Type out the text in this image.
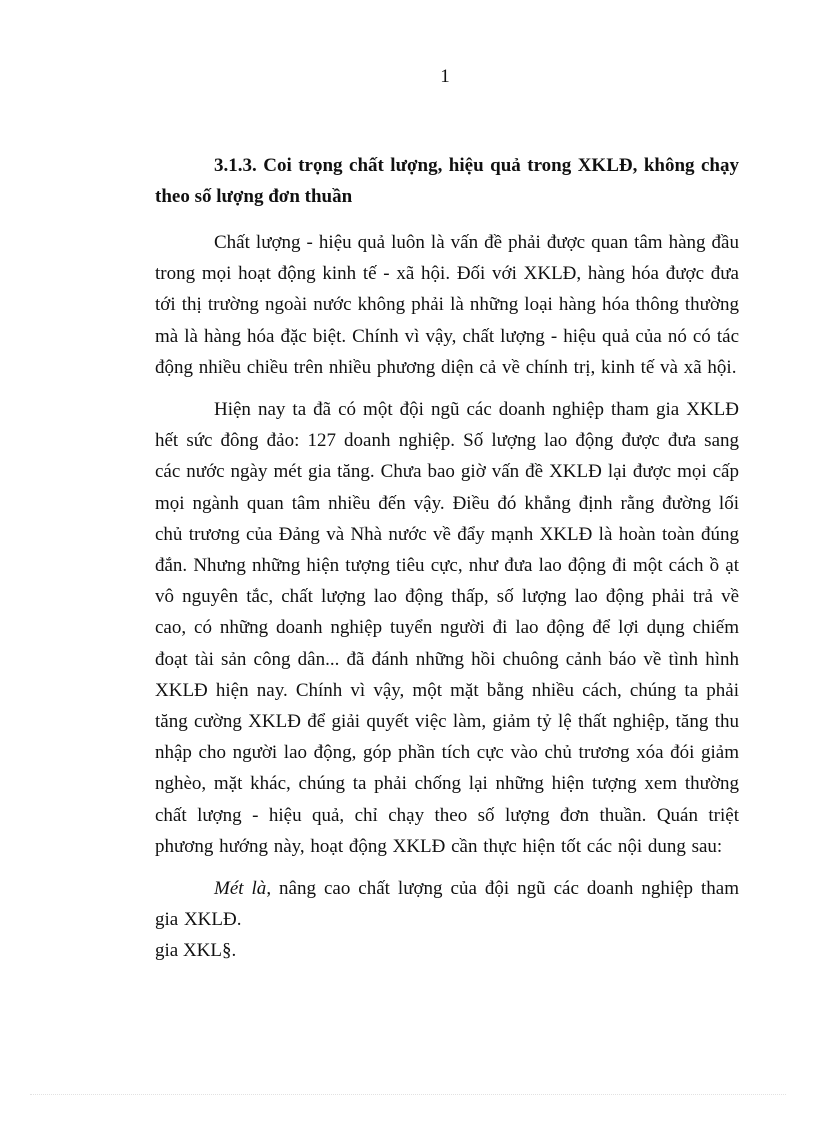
1

3.1.3. Coi trọng chất lượng, hiệu quả trong XKLĐ, không chạy theo số lượng đơn thuần

Chất lượng - hiệu quả luôn là vấn đề phải được quan tâm hàng đầu trong mọi hoạt động kinh tế - xã hội. Đối với XKLĐ, hàng hóa được đưa tới thị trường ngoài nước không phải là những loại hàng hóa thông thường mà là hàng hóa đặc biệt. Chính vì vậy, chất lượng - hiệu quả của nó có tác động nhiều chiều trên nhiều phương diện cả về chính trị, kinh tế và xã hội.

Hiện nay ta đã có một đội ngũ các doanh nghiệp tham gia XKLĐ hết sức đông đảo: 127 doanh nghiệp. Số lượng lao động được đưa sang các nước ngày mét gia tăng. Chưa bao giờ vấn đề XKLĐ lại được mọi cấp mọi ngành quan tâm nhiều đến vậy. Điều đó khẳng định rằng đường lối chủ trương của Đảng và Nhà nước về đẩy mạnh XKLĐ là hoàn toàn đúng đắn. Nhưng những hiện tượng tiêu cực, như đưa lao động đi một cách ồ ạt vô nguyên tắc, chất lượng lao động thấp, số lượng lao động phải trả về cao, có những doanh nghiệp tuyển người đi lao động để lợi dụng chiếm đoạt tài sản công dân... đã đánh những hồi chuông cảnh báo về tình hình XKLĐ hiện nay. Chính vì vậy, một mặt bằng nhiều cách, chúng ta phải tăng cường XKLĐ để giải quyết việc làm, giảm tỷ lệ thất nghiệp, tăng thu nhập cho người lao động, góp phần tích cực vào chủ trương xóa đói giảm nghèo, mặt khác, chúng ta phải chống lại những hiện tượng xem thường chất lượng - hiệu quả, chỉ chạy theo số lượng đơn thuần. Quán triệt phương hướng này, hoạt động XKLĐ cần thực hiện tốt các nội dung sau:

Mét là, nâng cao chất lượng của đội ngũ các doanh nghiệp tham gia XKLĐ.

gia XKL§.
